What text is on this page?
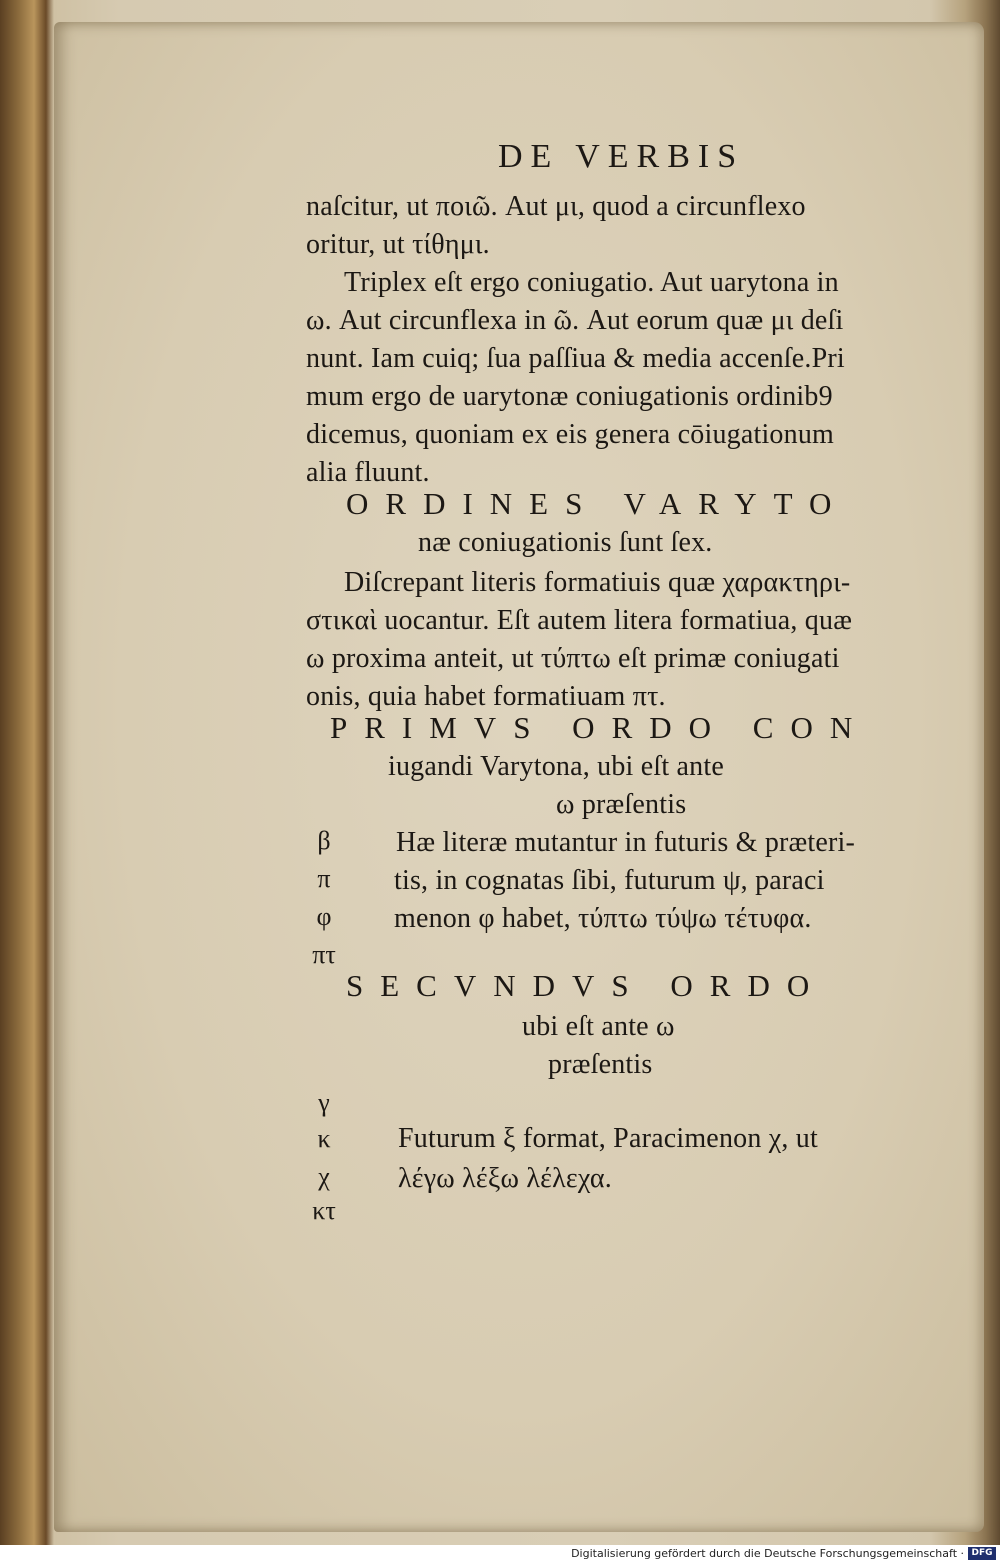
DE VERBIS
naſcitur, ut ποιῶ. Aut μι, quod a circunflexo
oritur, ut τίθημι.
Triplex eſt ergo coniugatio. Aut uarytona in
ω. Aut circunflexa in ῶ. Aut eorum quæ μι deſi
nunt. Iam cuiq; ſua paſſiua & media accenſe.Pri
mum ergo de uarytonæ coniugationis ordinib9
dicemus, quoniam ex eis genera cōiugationum
alia fluunt.
ORDINES VARYTO
næ coniugationis ſunt ſex.
Diſcrepant literis formatiuis quæ χαρακτηρι-
στικαὶ uocantur. Eſt autem litera formatiua, quæ
ω proxima anteit, ut τύπτω eſt primæ coniugati
onis, quia habet formatiuam πτ.
PRIMVS ORDO CON
iugandi Varytona, ubi eſt ante
ω præſentis
β
π
φ
πτ
Hæ literæ mutantur in futuris & præteri-
tis, in cognatas ſibi, futurum ψ, paraci
menon φ habet, τύπτω τύψω τέτυφα.
SECVNDVS ORDO
ubi eſt ante ω
præſentis
γ
κ
χ
κτ
Futurum ξ format, Paracimenon χ, ut
λέγω λέξω λέλεχα.
Digitalisierung gefördert durch die Deutsche Forschungsgemeinschaft · DFG
